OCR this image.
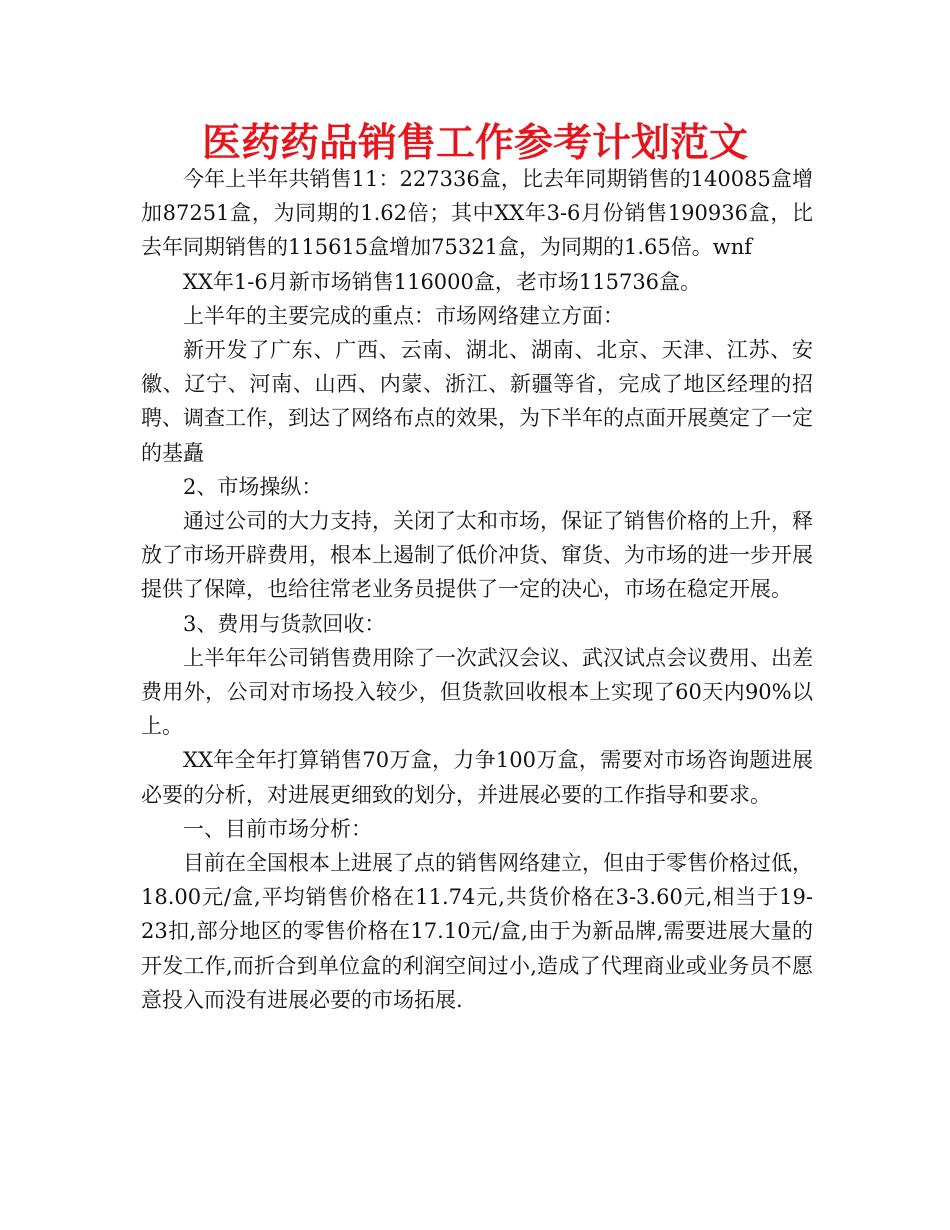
医药药品销售工作参考计划范文

今年上半年共销售11：227336盒，比去年同期销售的140085盒增加87251盒，为同期的1.62倍；其中XX年3-6月份销售190936盒，比去年同期销售的115615盒增加75321盒，为同期的1.65倍。wnf

XX年1-6月新市场销售116000盒，老市场115736盒。

上半年的主要完成的重点：市场网络建立方面：

新开发了广东、广西、云南、湖北、湖南、北京、天津、江苏、安徽、辽宁、河南、山西、内蒙、浙江、新疆等省，完成了地区经理的招聘、调查工作，到达了网络布点的效果，为下半年的点面开展奠定了一定的基矗

2、市场操纵：

通过公司的大力支持，关闭了太和市场，保证了销售价格的上升，释放了市场开辟费用，根本上遏制了低价冲货、窜货、为市场的进一步开展提供了保障，也给往常老业务员提供了一定的决心，市场在稳定开展。

3、费用与货款回收：

上半年年公司销售费用除了一次武汉会议、武汉试点会议费用、出差费用外，公司对市场投入较少，但货款回收根本上实现了60天内90%以上。

XX年全年打算销售70万盒，力争100万盒，需要对市场咨询题进展必要的分析，对进展更细致的划分，并进展必要的工作指导和要求。

一、目前市场分析：

目前在全国根本上进展了点的销售网络建立，但由于零售价格过低，18.00元/盒,平均销售价格在11.74元,共货价格在3-3.60元,相当于19-23扣,部分地区的零售价格在17.10元/盒,由于为新品牌,需要进展大量的开发工作,而折合到单位盒的利润空间过小,造成了代理商业或业务员不愿意投入而没有进展必要的市场拓展.
